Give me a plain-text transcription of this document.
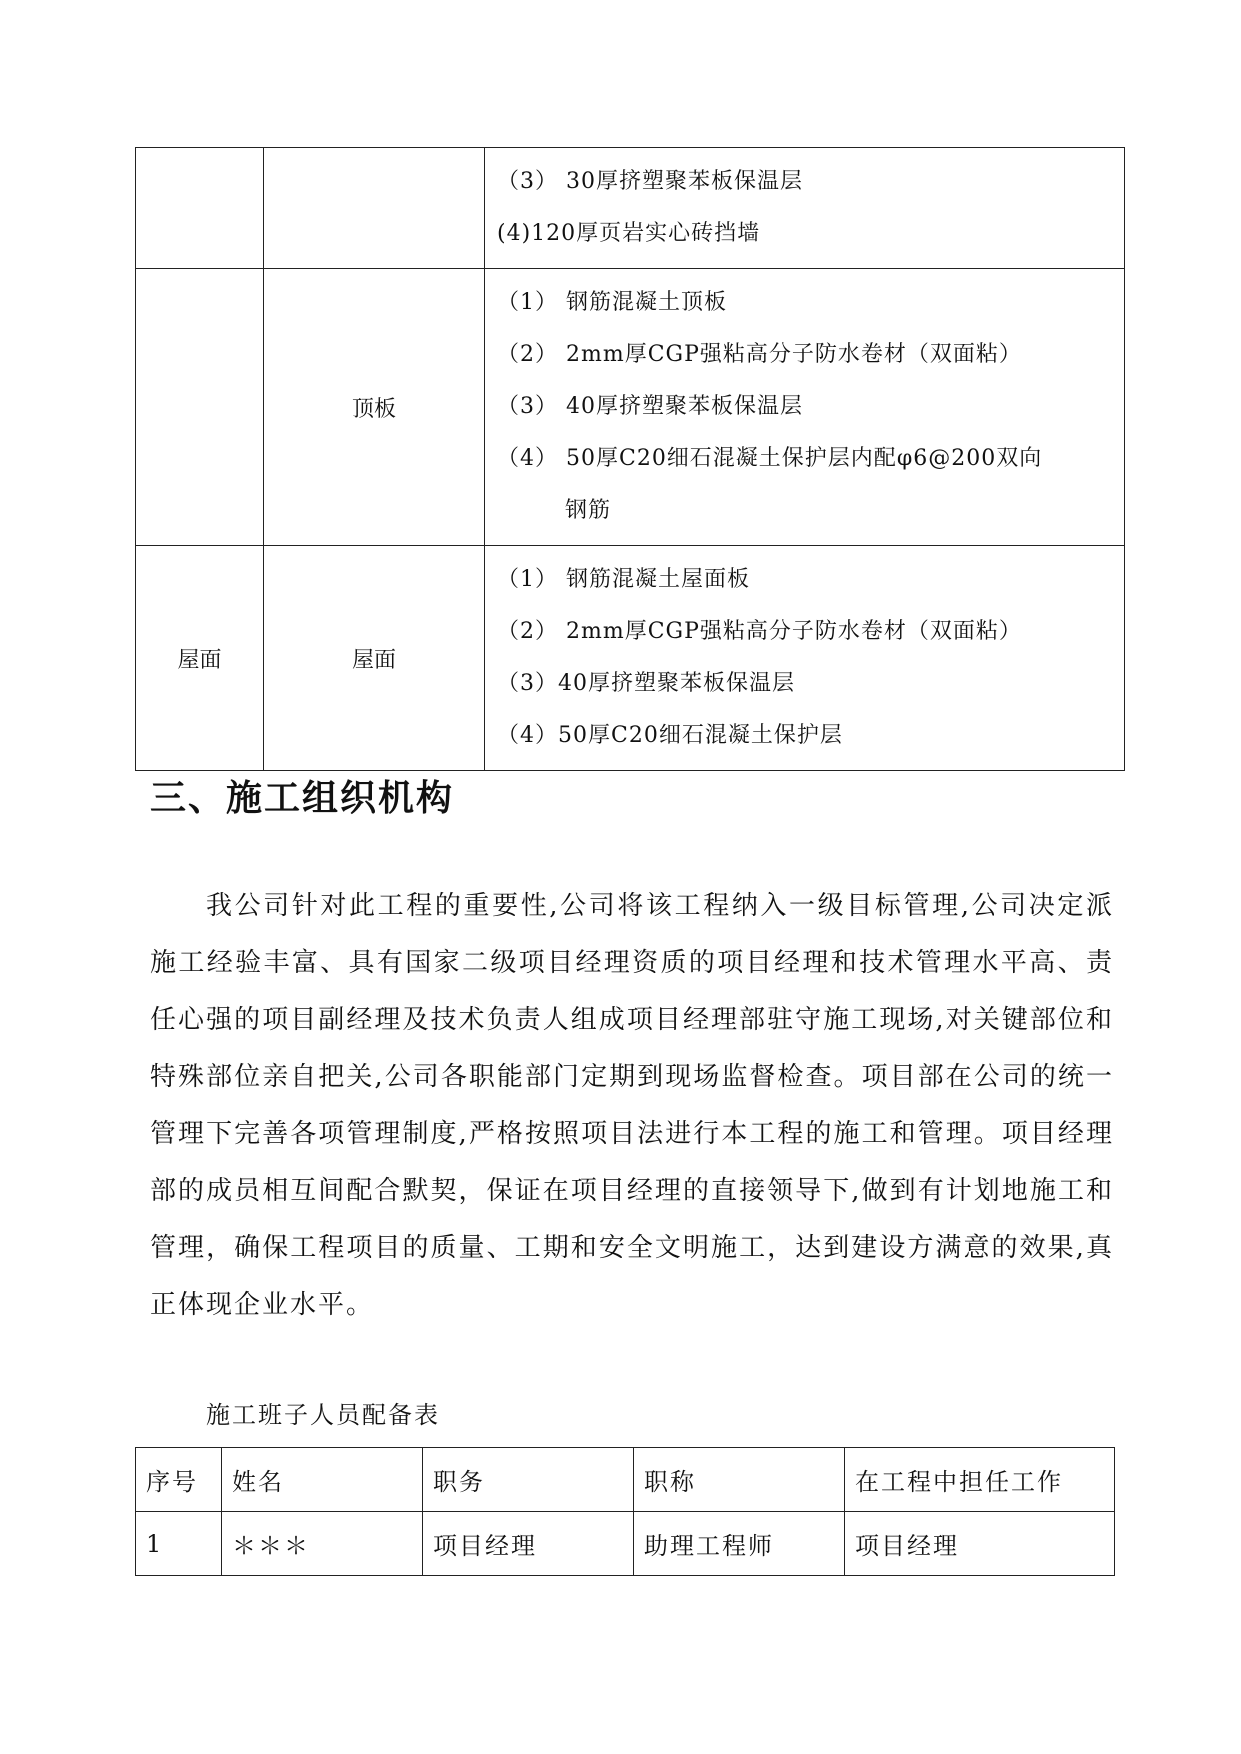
		（3） 30厚挤塑聚苯板保温层
(4)120厚页岩实心砖挡墙

	顶板	（1） 钢筋混凝土顶板
（2） 2mm厚CGP强粘高分子防水卷材（双面粘）
（3） 40厚挤塑聚苯板保温层
（4） 50厚C20细石混凝土保护层内配φ6@200双向
钢筋

屋面	屋面	（1） 钢筋混凝土屋面板
（2） 2mm厚CGP强粘高分子防水卷材（双面粘）
（3）40厚挤塑聚苯板保温层
（4）50厚C20细石混凝土保护层
三、施工组织机构

我公司针对此工程的重要性,公司将该工程纳入一级目标管理,公司决定派施工经验丰富、具有国家二级项目经理资质的项目经理和技术管理水平高、责任心强的项目副经理及技术负责人组成项目经理部驻守施工现场,对关键部位和特殊部位亲自把关,公司各职能部门定期到现场监督检查。项目部在公司的统一管理下完善各项管理制度,严格按照项目法进行本工程的施工和管理。项目经理部的成员相互间配合默契，保证在项目经理的直接领导下,做到有计划地施工和管理，确保工程项目的质量、工期和安全文明施工，达到建设方满意的效果,真正体现企业水平。

施工班子人员配备表
序号	姓名	职务	职称	在工程中担任工作
1	＊＊＊	项目经理	助理工程师	项目经理
